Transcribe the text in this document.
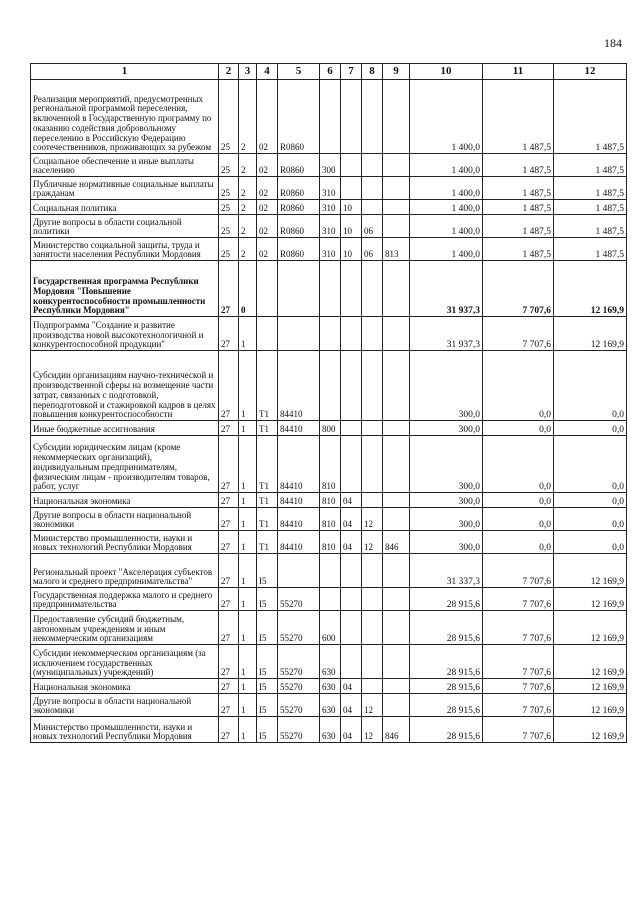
184
1	2	3	4	5	6	7	8	9	10	11	12
Реализация мероприятий, предусмотренных региональной программой переселения, включенной в Государственную программу по оказанию содействия добровольному переселению в Российскую Федерацию соотечественников, проживающих за рубежом	25	2	02	R0860					1 400,0	1 487,5	1 487,5
Социальное обеспечение и иные выплаты населению	25	2	02	R0860	300				1 400,0	1 487,5	1 487,5
Публичные нормативные социальные выплаты гражданам	25	2	02	R0860	310				1 400,0	1 487,5	1 487,5
Социальная политика	25	2	02	R0860	310	10			1 400,0	1 487,5	1 487,5
Другие вопросы в области социальной политики	25	2	02	R0860	310	10	06		1 400,0	1 487,5	1 487,5
Министерство социальной защиты, труда и занятости населения Республики Мордовия	25	2	02	R0860	310	10	06	813	1 400,0	1 487,5	1 487,5
Государственная программа Республики Мордовия "Повышение конкурентоспособности промышленности Республики Мордовия"	27	0							31 937,3	7 707,6	12 169,9
Подпрограмма "Создание и развитие производства новой высокотехнологичной и конкурентоспособной продукции"	27	1							31 937,3	7 707,6	12 169,9
Субсидии организациям научно-технической и производственной сферы на возмещение части затрат, связанных с подготовкой, переподготовкой и стажировкой кадров в целях повышения конкурентоспособности	27	1	T1	84410					300,0	0,0	0,0
Иные бюджетные ассигнования	27	1	T1	84410	800				300,0	0,0	0,0
Субсидии юридическим лицам (кроме некоммерческих организаций), индивидуальным предпринимателям, физическим лицам - производителям товаров, работ, услуг	27	1	T1	84410	810				300,0	0,0	0,0
Национальная экономика	27	1	T1	84410	810	04			300,0	0,0	0,0
Другие вопросы в области национальной экономики	27	1	T1	84410	810	04	12		300,0	0,0	0,0
Министерство промышленности, науки и новых технологий Республики Мордовия	27	1	T1	84410	810	04	12	846	300,0	0,0	0,0
Региональный проект "Акселерация субъектов малого и среднего предпринимательства"	27	1	I5						31 337,3	7 707,6	12 169,9
Государственная поддержка малого и среднего предпринимательства	27	1	I5	55270					28 915,6	7 707,6	12 169,9
Предоставление субсидий бюджетным, автономным учреждениям и иным некоммерческим организациям	27	1	I5	55270	600				28 915,6	7 707,6	12 169,9
Субсидии некоммерческим организациям (за исключением государственных (муниципальных) учреждений)	27	1	I5	55270	630				28 915,6	7 707,6	12 169,9
Национальная экономика	27	1	I5	55270	630	04			28 915,6	7 707,6	12 169,9
Другие вопросы в области национальной экономики	27	1	I5	55270	630	04	12		28 915,6	7 707,6	12 169,9
Министерство промышленности, науки и новых технологий Республики Мордовия	27	1	I5	55270	630	04	12	846	28 915,6	7 707,6	12 169,9
